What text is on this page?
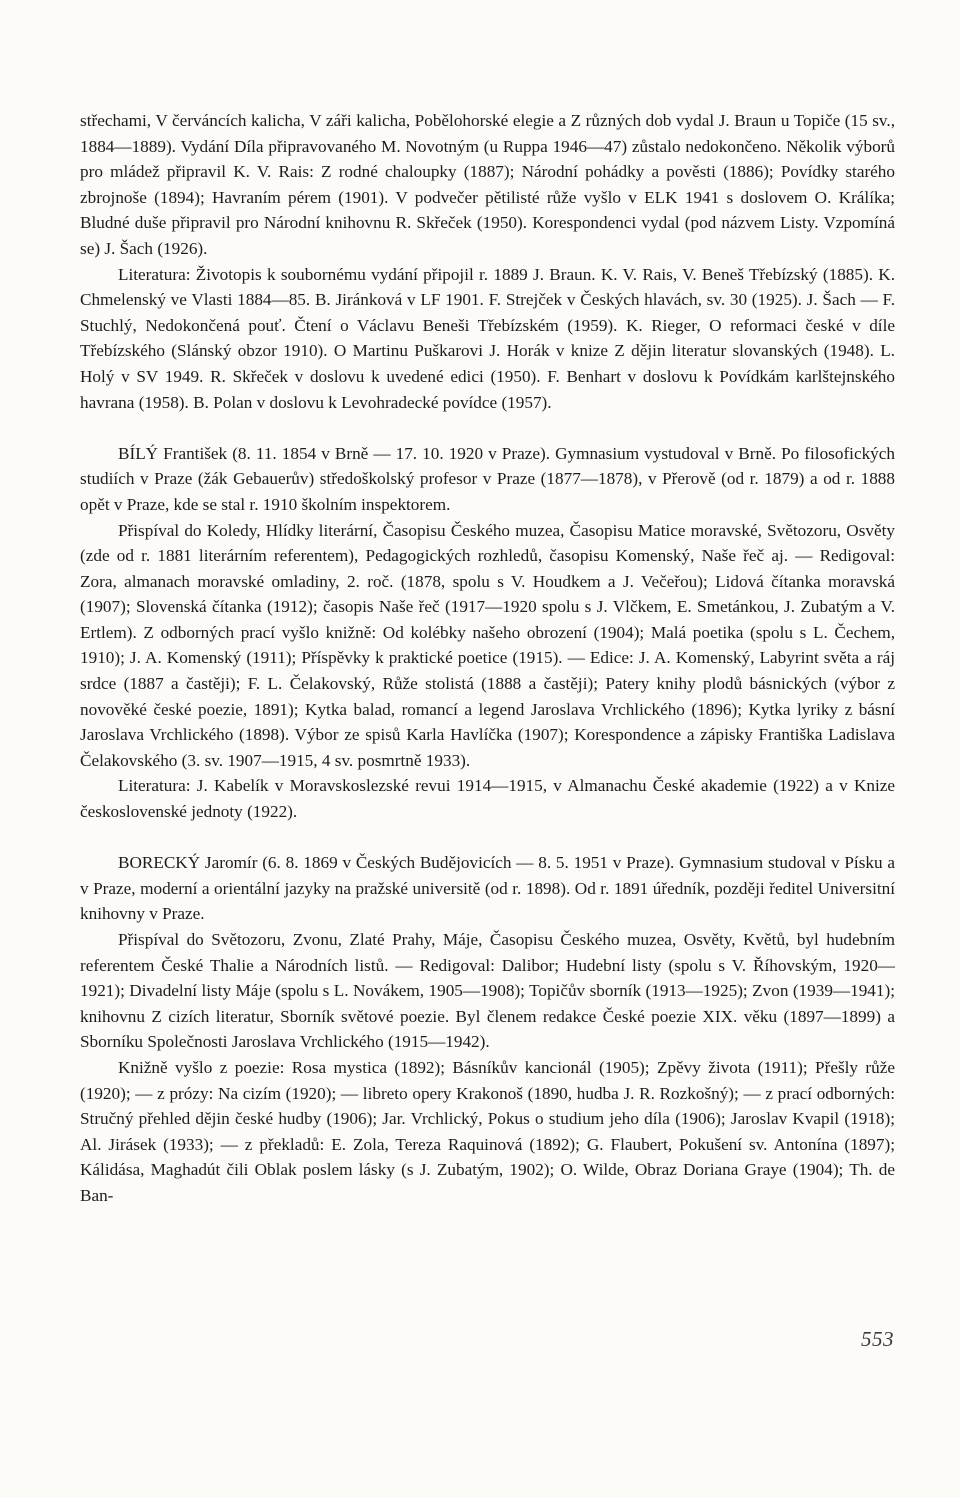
střechami, V červáncích kalicha, V záři kalicha, Pobělohorské elegie a Z různých dob vydal J. Braun u Topiče (15 sv., 1884—1889). Vydání Díla připravovaného M. Novotným (u Ruppa 1946—47) zůstalo nedokončeno. Několik výborů pro mládež připravil K. V. Rais: Z rodné chaloupky (1887); Národní pohádky a pověsti (1886); Povídky starého zbrojnoše (1894); Havraním pérem (1901). V podvečer pětilisté růže vyšlo v ELK 1941 s doslovem O. Králíka; Bludné duše připravil pro Národní knihovnu R. Skřeček (1950). Korespondenci vydal (pod názvem Listy. Vzpomíná se) J. Šach (1926).

Literatura: Životopis k soubornému vydání připojil r. 1889 J. Braun. K. V. Rais, V. Beneš Třebízský (1885). K. Chmelenský ve Vlasti 1884—85. B. Jiránková v LF 1901. F. Strejček v Českých hlavách, sv. 30 (1925). J. Šach — F. Stuchlý, Nedokončená pouť. Čtení o Václavu Beneši Třebízském (1959). K. Rieger, O reformaci české v díle Třebízského (Slánský obzor 1910). O Martinu Puškarovi J. Horák v knize Z dějin literatur slovanských (1948). L. Holý v SV 1949. R. Skřeček v doslovu k uvedené edici (1950). F. Benhart v doslovu k Povídkám karlštejnského havrana (1958). B. Polan v doslovu k Levohradecké povídce (1957).

BÍLÝ František (8. 11. 1854 v Brně — 17. 10. 1920 v Praze). Gymnasium vystudoval v Brně. Po filosofických studiích v Praze (žák Gebauerův) středoškolský profesor v Praze (1877—1878), v Přerově (od r. 1879) a od r. 1888 opět v Praze, kde se stal r. 1910 školním inspektorem.

Přispíval do Koledy, Hlídky literární, Časopisu Českého muzea, Časopisu Matice moravské, Světozoru, Osvěty (zde od r. 1881 literárním referentem), Pedagogických rozhledů, časopisu Komenský, Naše řeč aj. — Redigoval: Zora, almanach moravské omladiny, 2. roč. (1878, spolu s V. Houdkem a J. Večeřou); Lidová čítanka moravská (1907); Slovenská čítanka (1912); časopis Naše řeč (1917—1920 spolu s J. Vlčkem, E. Smetánkou, J. Zubatým a V. Ertlem). Z odborných prací vyšlo knižně: Od kolébky našeho obrození (1904); Malá poetika (spolu s L. Čechem, 1910); J. A. Komenský (1911); Příspěvky k praktické poetice (1915). — Edice: J. A. Komenský, Labyrint světa a ráj srdce (1887 a častěji); F. L. Čelakovský, Růže stolistá (1888 a častěji); Patery knihy plodů básnických (výbor z novověké české poezie, 1891); Kytka balad, romancí a legend Jaroslava Vrchlického (1896); Kytka lyriky z básní Jaroslava Vrchlického (1898). Výbor ze spisů Karla Havlíčka (1907); Korespondence a zápisky Františka Ladislava Čelakovského (3. sv. 1907—1915, 4 sv. posmrtně 1933).

Literatura: J. Kabelík v Moravskoslezské revui 1914—1915, v Almanachu České akademie (1922) a v Knize československé jednoty (1922).

BORECKÝ Jaromír (6. 8. 1869 v Českých Budějovicích — 8. 5. 1951 v Praze). Gymnasium studoval v Písku a v Praze, moderní a orientální jazyky na pražské universitě (od r. 1898). Od r. 1891 úředník, později ředitel Universitní knihovny v Praze.

Přispíval do Světozoru, Zvonu, Zlaté Prahy, Máje, Časopisu Českého muzea, Osvěty, Květů, byl hudebním referentem České Thalie a Národních listů. — Redigoval: Dalibor; Hudební listy (spolu s V. Říhovským, 1920—1921); Divadelní listy Máje (spolu s L. Novákem, 1905—1908); Topičův sborník (1913—1925); Zvon (1939—1941); knihovnu Z cizích literatur, Sborník světové poezie. Byl členem redakce České poezie XIX. věku (1897—1899) a Sborníku Společnosti Jaroslava Vrchlického (1915—1942).

Knižně vyšlo z poezie: Rosa mystica (1892); Básníkův kancionál (1905); Zpěvy života (1911); Přešly růže (1920); — z prózy: Na cizím (1920); — libreto opery Krakonoš (1890, hudba J. R. Rozkošný); — z prací odborných: Stručný přehled dějin české hudby (1906); Jar. Vrchlický, Pokus o studium jeho díla (1906); Jaroslav Kvapil (1918); Al. Jirásek (1933); — z překladů: E. Zola, Tereza Raquinová (1892); G. Flaubert, Pokušení sv. Antonína (1897); Kálidása, Maghadút čili Oblak poslem lásky (s J. Zubatým, 1902); O. Wilde, Obraz Doriana Graye (1904); Th. de Ban-

553
